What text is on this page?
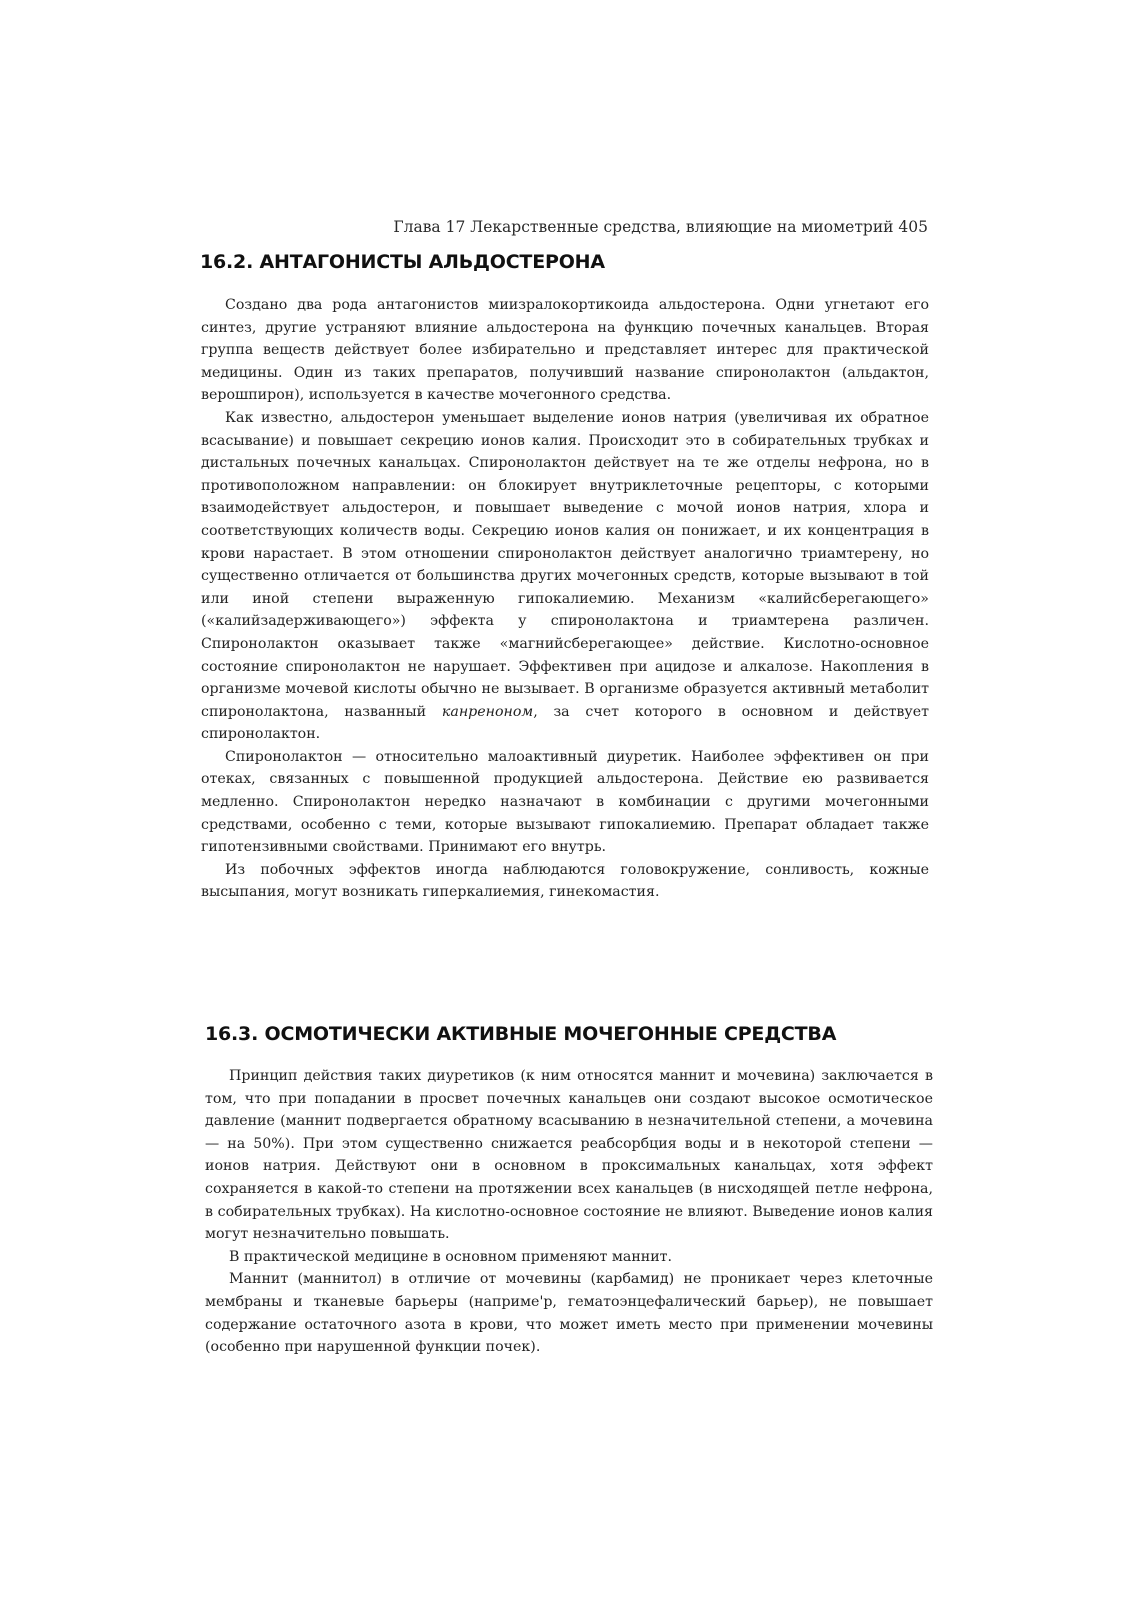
Глава 17 Лекарственные средства, влияющие на миометрий 405
16.2. АНТАГОНИСТЫ АЛЬДОСТЕРОНА

Создано два рода антагонистов миизралокортикоида альдостерона. Одни угнетают его синтез, другие устраняют влияние альдостерона на функцию почечных канальцев. Вторая группа веществ действует более избирательно и представляет интерес для практической медицины. Один из таких препаратов, получивший название спиронолактон (альдактон, верошпирон), используется в качестве мочегонного средства.

Как известно, альдостерон уменьшает выделение ионов натрия (увеличивая их обратное всасывание) и повышает секрецию ионов калия. Происходит это в собирательных трубках и дистальных почечных канальцах. Спиронолактон действует на те же отделы нефрона, но в противоположном направлении: он блокирует внутриклеточные рецепторы, с которыми взаимодействует альдостерон, и повышает выведение с мочой ионов натрия, хлора и соответствующих количеств воды. Секрецию ионов калия он понижает, и их концентрация в крови нарастает. В этом отношении спиронолактон действует аналогично триамтерену, но существенно отличается от большинства других мочегонных средств, которые вызывают в той или иной степени выраженную гипокалиемию. Механизм «калийсберегающего» («калийзадерживающего») эффекта у спиронолактона и триамтерена различен. Спиронолактон оказывает также «магнийсберегающее» действие. Кислотно-основное состояние спиронолактон не нарушает. Эффективен при ацидозе и алкалозе. Накопления в организме мочевой кислоты обычно не вызывает. В организме образуется активный метаболит спиронолактона, названный канреноном, за счет которого в основном и действует спиронолактон.

Спиронолактон — относительно малоактивный диуретик. Наиболее эффективен он при отеках, связанных с повышенной продукцией альдостерона. Действие ею развивается медленно. Спиронолактон нередко назначают в комбинации с другими мочегонными средствами, особенно с теми, которые вызывают гипокалиемию. Препарат обладает также гипотензивными свойствами. Принимают его внутрь.

Из побочных эффектов иногда наблюдаются головокружение, сонливость, кожные высыпания, могут возникать гиперкалиемия, гинекомастия.

16.3. ОСМОТИЧЕСКИ АКТИВНЫЕ МОЧЕГОННЫЕ СРЕДСТВА

Принцип действия таких диуретиков (к ним относятся маннит и мочевина) заключается в том, что при попадании в просвет почечных канальцев они создают высокое осмотическое давление (маннит подвергается обратному всасыванию в незначительной степени, а мочевина — на 50%). При этом существенно снижается реабсорбция воды и в некоторой степени — ионов натрия. Действуют они в основном в проксимальных канальцах, хотя эффект сохраняется в какой-то степени на протяжении всех канальцев (в нисходящей петле нефрона, в собирательных трубках). На кислотно-основное состояние не влияют. Выведение ионов калия могут незначительно повышать.

В практической медицине в основном применяют маннит.

Маннит (маннитол) в отличие от мочевины (карбамид) не проникает через клеточные мембраны и тканевые барьеры (наприме'р, гематоэнцефалический барьер), не повышает содержание остаточного азота в крови, что может иметь место при применении мочевины (особенно при нарушенной функции почек).
